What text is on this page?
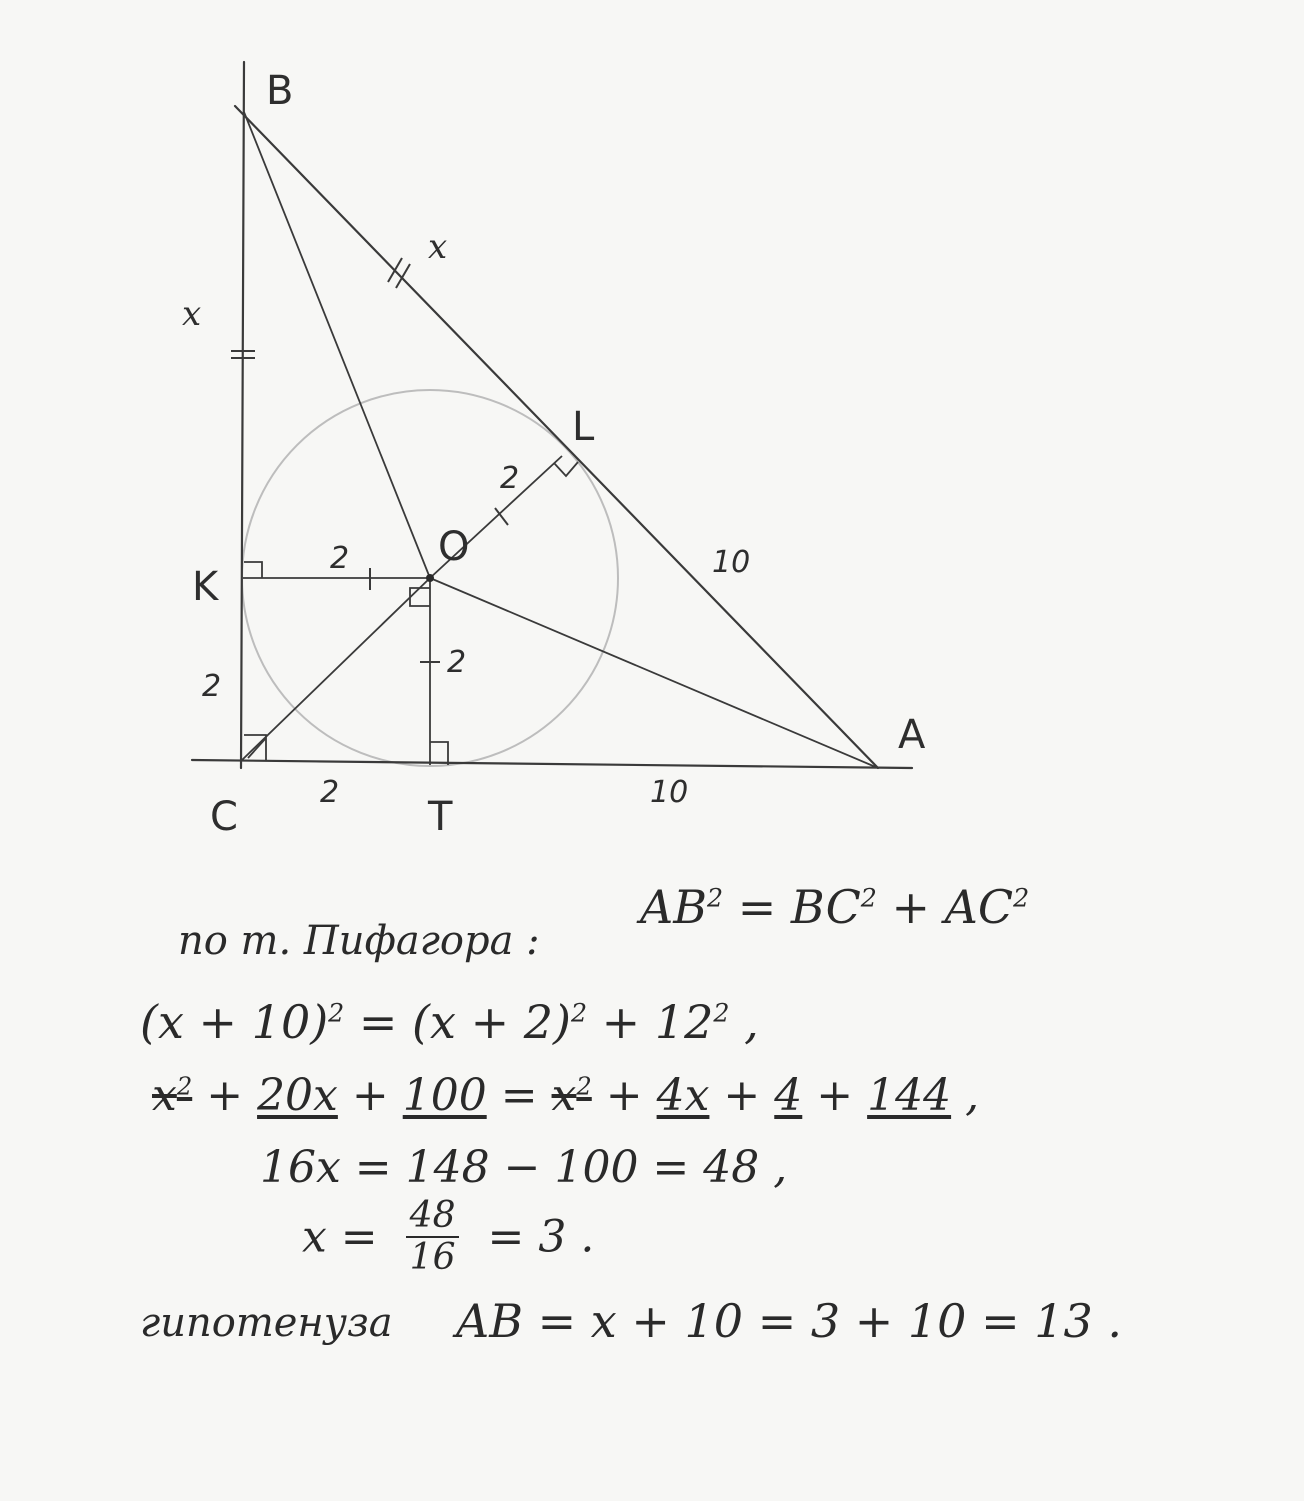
B
L
O
K
A
C	T
x
x
2
2
2
2
2	10
10
по т. Пифагора :
$AB^2 = BC^2 + AC^2$
$(x + 10)^2 = (x + 2)^2 + 12^2$ ,
$x^2 + 20x + 100 = x^2 + 4x + 4 + 144$ ,
16x = 148 − 100 = 48 ,
$x = \frac{48}{16} = 3$ .
гипотенуза AB = x + 10 = 3 + 10 = 13 .
